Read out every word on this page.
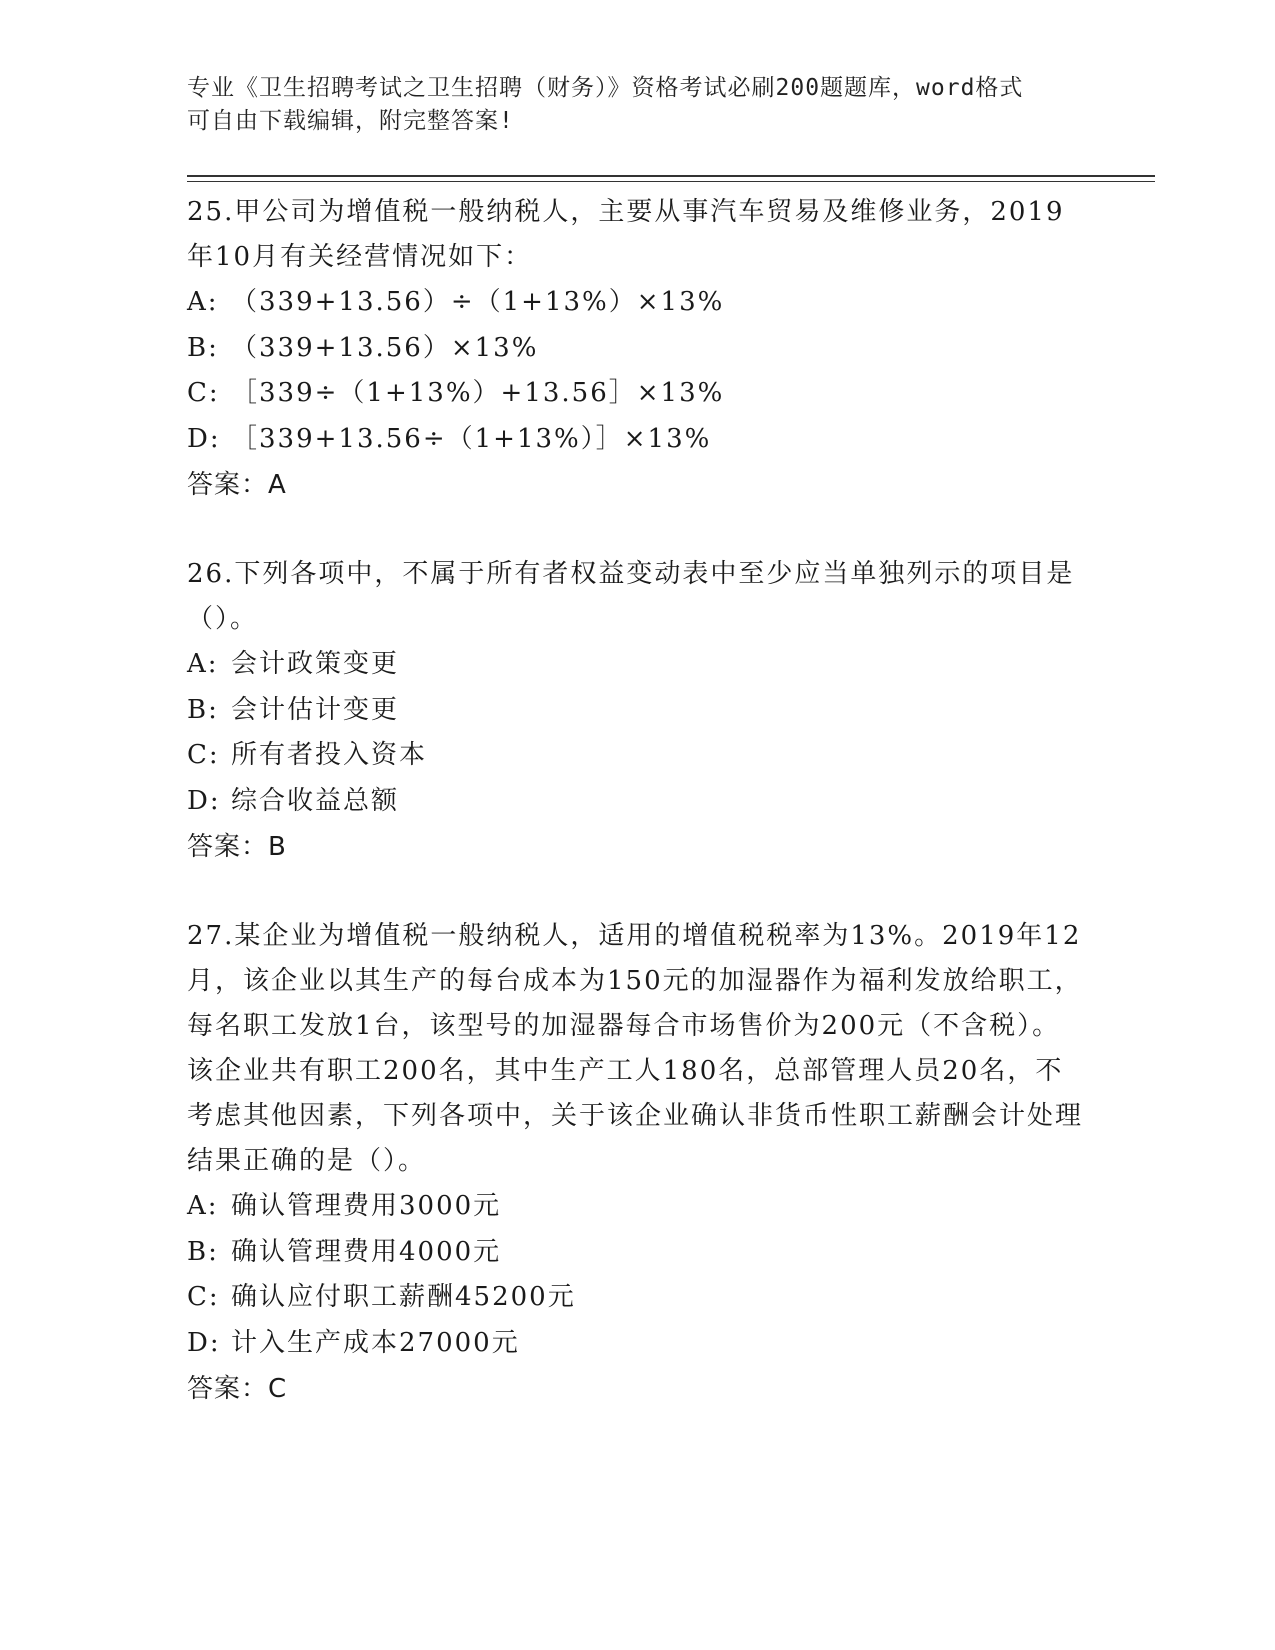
专业《卫生招聘考试之卫生招聘（财务）》资格考试必刷200题题库，word格式
可自由下载编辑，附完整答案!

25.甲公司为增值税一般纳税人，主要从事汽车贸易及维修业务，2019年10月有关经营情况如下：

A: （339+13.56）÷（1+13%）×13%
B: （339+13.56）×13%
C: ［339÷（1+13%）+13.56］×13%
D: ［339+13.56÷（1+13%）］×13%

答案：A

26.下列各项中，不属于所有者权益变动表中至少应当单独列示的项目是（）。

A: 会计政策变更
B: 会计估计变更
C: 所有者投入资本
D: 综合收益总额

答案：B

27.某企业为增值税一般纳税人，适用的增值税税率为13%。2019年12月，该企业以其生产的每台成本为150元的加湿器作为福利发放给职工，每名职工发放1台，该型号的加湿器每合市场售价为200元（不含税）。该企业共有职工200名，其中生产工人180名，总部管理人员20名，不考虑其他因素，下列各项中，关于该企业确认非货币性职工薪酬会计处理结果正确的是（）。

A: 确认管理费用3000元
B: 确认管理费用4000元
C: 确认应付职工薪酬45200元
D: 计入生产成本27000元

答案：C
